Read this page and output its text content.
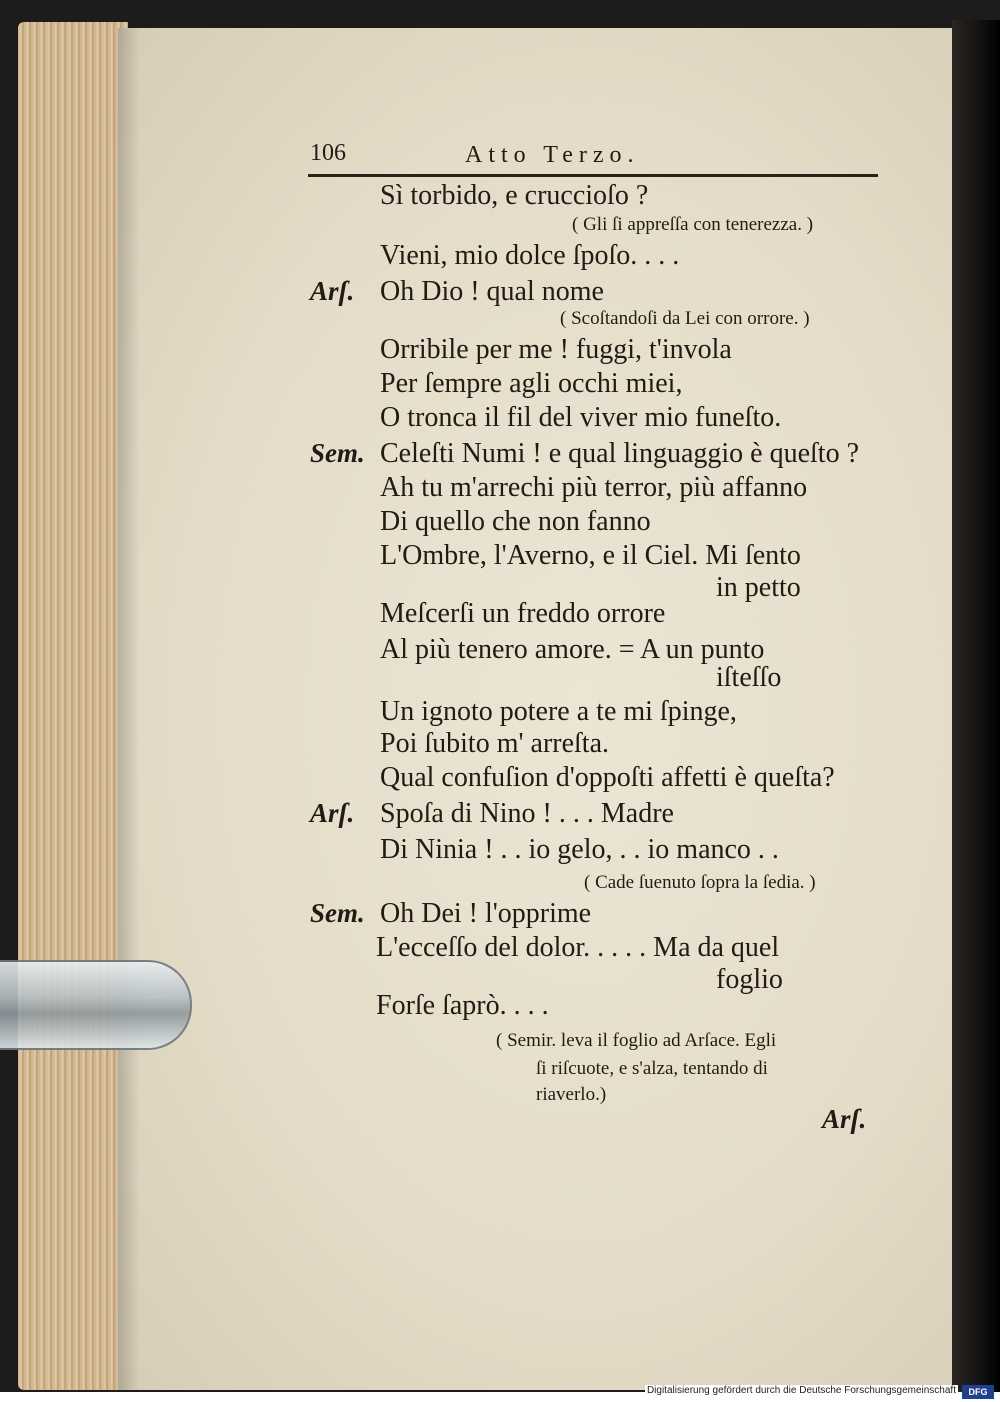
106	Atto Terzo.
Sì torbido, e cruccioſo ?
( Gli ſi appreſſa con tenerezza. )
Vieni, mio dolce ſpoſo. . . .
Arſ. Oh Dio ! qual nome
( Scoſtandoſi da Lei con orrore. )
Orribile per me ! fuggi, t'invola
Per ſempre agli occhi miei,
O tronca il fil del viver mio funeſto.
Sem. Celeſti Numi ! e qual linguaggio è queſto ?
Ah tu m'arrechi più terror, più affanno
Di quello che non fanno
L'Ombre, l'Averno, e il Ciel. Mi ſento
in petto
Meſcerſi un freddo orrore
Al più tenero amore. = A un punto
iſteſſo
Un ignoto potere a te mi ſpinge,
Poi ſubito m' arreſta.
Qual confuſion d'oppoſti affetti è queſta?
Arſ. Spoſa di Nino ! . . . Madre
Di Ninia ! . . io gelo, . . io manco . .
( Cade ſuenuto ſopra la ſedia. )
Sem. Oh Dei ! l'opprime
L'ecceſſo del dolor. . . . . Ma da quel
foglio
Forſe ſaprò. . . .
( Semir. leva il foglio ad Arſace. Egli
ſi riſcuote, e s'alza, tentando di
riaverlo.)
Arſ.
Digitalisierung gefördert durch die Deutsche Forschungsgemeinschaft	DFG
